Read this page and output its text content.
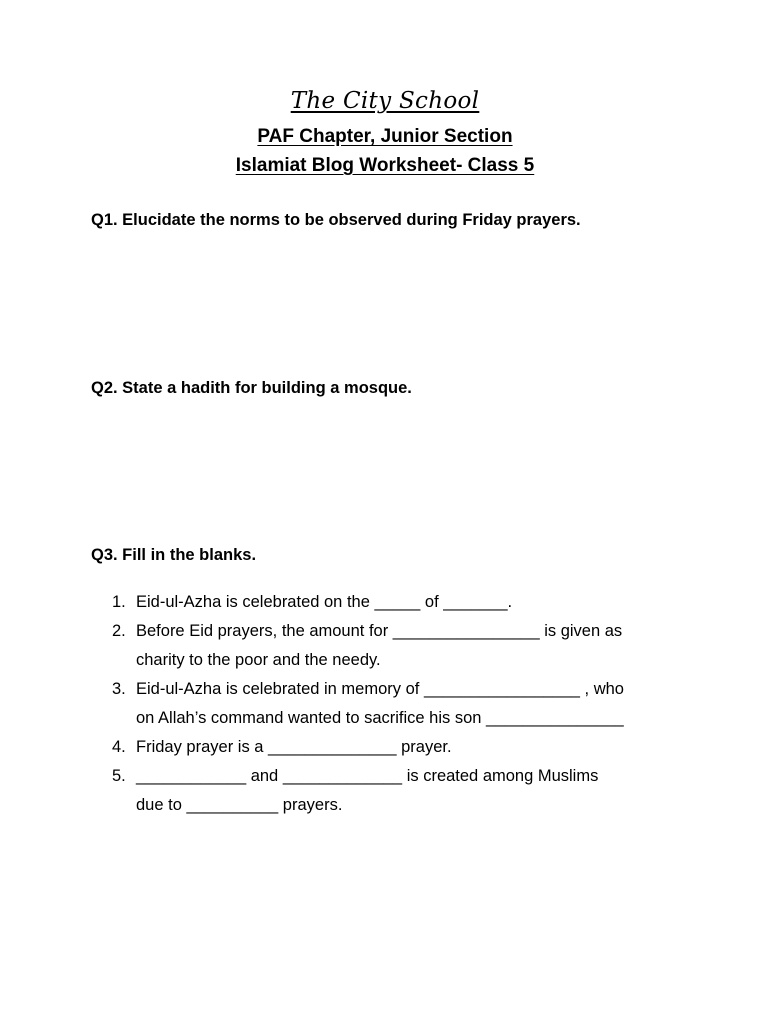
The City School
PAF Chapter, Junior Section
Islamiat Blog Worksheet- Class 5
Q1. Elucidate the norms to be observed during Friday prayers.
Q2. State a hadith for building a mosque.
Q3. Fill in the blanks.
1. Eid-ul-Azha is celebrated on the _____ of _______.
2. Before Eid prayers, the amount for ________________ is given as
charity to the poor and the needy.
3. Eid-ul-Azha is celebrated in memory of _________________ , who
on Allah’s command wanted to sacrifice his son _______________
4. Friday prayer is a ______________ prayer.
5. ____________ and _____________ is created among Muslims
due to __________ prayers.
